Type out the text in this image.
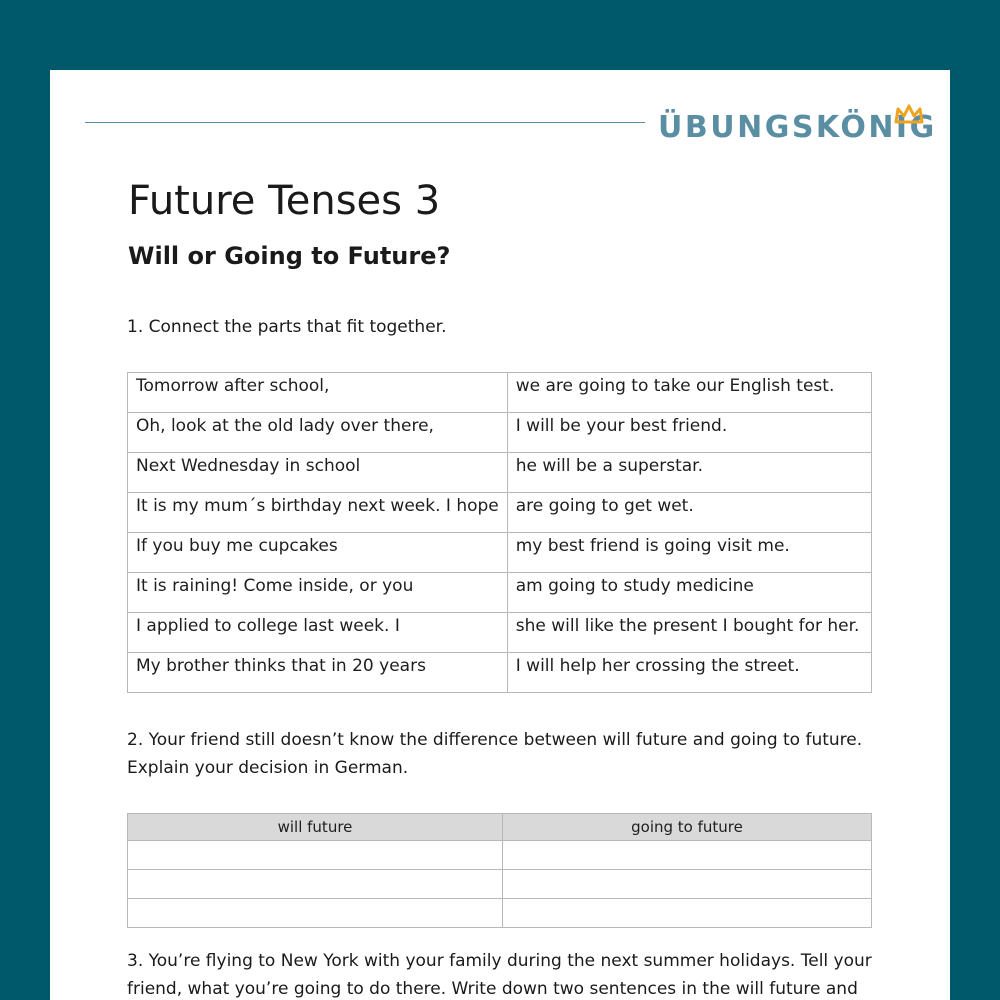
ÜBUNGSKÖNIG
Future Tenses 3
Will or Going to Future?

1. Connect the parts that fit together.

Tomorrow after school,	we are going to take our English test.
Oh, look at the old lady over there,	I will be your best friend.
Next Wednesday in school	he will be a superstar.
It is my mum´s birthday next week. I hope	are going to get wet.
If you buy me cupcakes	my best friend is going visit me.
It is raining! Come inside, or you	am going to study medicine
I applied to college last week. I	she will like the present I bought for her.
My brother thinks that in 20 years	I will help her crossing the street.

2. Your friend still doesn’t know the difference between will future and going to future.
Explain your decision in German.

will future	going to future

3. You’re flying to New York with your family during the next summer holidays. Tell your
friend, what you’re going to do there. Write down two sentences in the will future and
